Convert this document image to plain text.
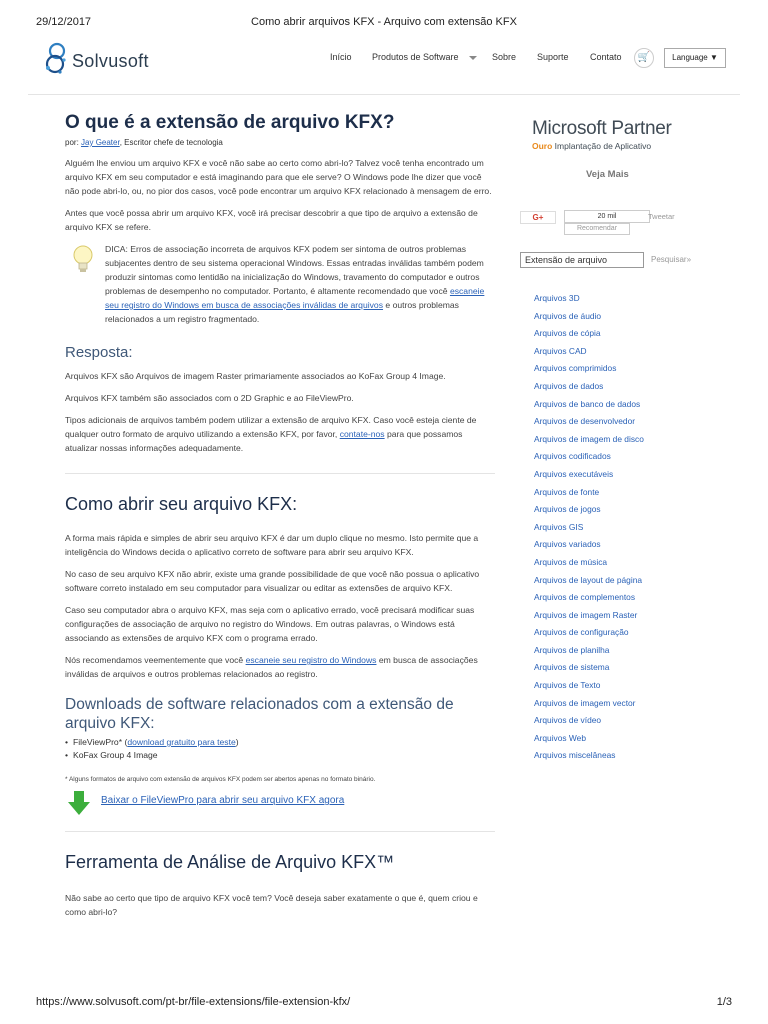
29/12/2017	Como abrir arquivos KFX - Arquivo com extensão KFX
Solvusoft	Início Produtos de Software	Sobre Suporte Contato	🛒	Language ▼
O que é a extensão de arquivo KFX?
por: Jay Geater, Escritor chefe de tecnologia

Alguém lhe enviou um arquivo KFX e você não sabe ao certo como abri-lo? Talvez você tenha encontrado um arquivo KFX em seu computador e está imaginando para que ele serve? O Windows pode lhe dizer que você não pode abri-lo, ou, no pior dos casos, você pode encontrar um arquivo KFX relacionado à mensagem de erro.

Antes que você possa abrir um arquivo KFX, você irá precisar descobrir a que tipo de arquivo a extensão de arquivo KFX se refere.

DICA: Erros de associação incorreta de arquivos KFX podem ser sintoma de outros problemas subjacentes dentro de seu sistema operacional Windows. Essas entradas inválidas também podem produzir sintomas como lentidão na inicialização do Windows, travamento do computador e outros problemas de desempenho no computador. Portanto, é altamente recomendado que você escaneie seu registro do Windows em busca de associações inválidas de arquivos e outros problemas relacionados a um registro fragmentado.
Resposta:

Arquivos KFX são Arquivos de imagem Raster primariamente associados ao KoFax Group 4 Image.

Arquivos KFX também são associados com o 2D Graphic e ao FileViewPro.

Tipos adicionais de arquivos também podem utilizar a extensão de arquivo KFX. Caso você esteja ciente de qualquer outro formato de arquivo utilizando a extensão KFX, por favor, contate-nos para que possamos atualizar nossas informações adequadamente.

Como abrir seu arquivo KFX:

A forma mais rápida e simples de abrir seu arquivo KFX é dar um duplo clique no mesmo. Isto permite que a inteligência do Windows decida o aplicativo correto de software para abrir seu arquivo KFX.

No caso de seu arquivo KFX não abrir, existe uma grande possibilidade de que você não possua o aplicativo software correto instalado em seu computador para visualizar ou editar as extensões de arquivo KFX.

Caso seu computador abra o arquivo KFX, mas seja com o aplicativo errado, você precisará modificar suas configurações de associação de arquivo no registro do Windows. Em outras palavras, o Windows está associando as extensões de arquivo KFX com o programa errado.

Nós recomendamos veementemente que você escaneie seu registro do Windows em busca de associações inválidas de arquivos e outros problemas relacionados ao registro.

Downloads de software relacionados com a extensão de arquivo KFX:
• FileViewPro* (download gratuito para teste)
• KoFax Group 4 Image

* Alguns formatos de arquivo com extensão de arquivos KFX podem ser abertos apenas no formato binário.

Baixar o FileViewPro para abrir seu arquivo KFX agora
Ferramenta de Análise de Arquivo KFX™

Não sabe ao certo que tipo de arquivo KFX você tem? Você deseja saber exatamente o que é, quem criou e como abri-lo?

Microsoft Partner
Ouro Implantação de Aplicativo
Veja Mais
G+	20 mil
Recomendar
Tweetar
Extensão de arquivo	Pesquisar»
Arquivos 3D
Arquivos de áudio
Arquivos de cópia
Arquivos CAD
Arquivos comprimidos
Arquivos de dados
Arquivos de banco de dados
Arquivos de desenvolvedor
Arquivos de imagem de disco
Arquivos codificados
Arquivos executáveis
Arquivos de fonte
Arquivos de jogos
Arquivos GIS
Arquivos variados
Arquivos de música
Arquivos de layout de página
Arquivos de complementos
Arquivos de imagem Raster
Arquivos de configuração
Arquivos de planilha
Arquivos de sistema
Arquivos de Texto
Arquivos de imagem vector
Arquivos de vídeo
Arquivos Web
Arquivos miscelâneas
https://www.solvusoft.com/pt-br/file-extensions/file-extension-kfx/	1/3
